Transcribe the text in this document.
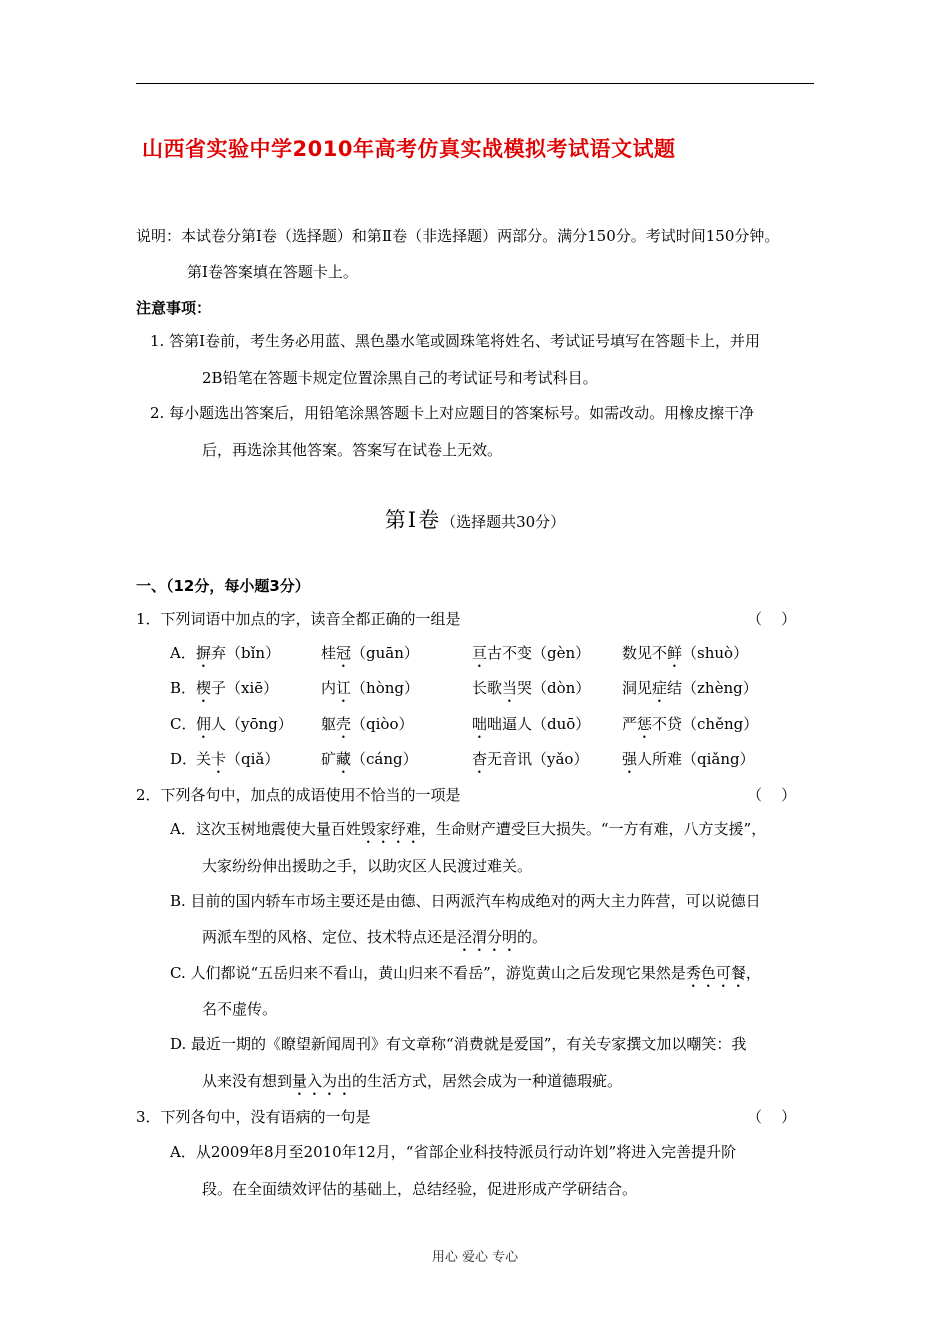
山西省实验中学2010年高考仿真实战模拟考试语文试题
说明：本试卷分第Ⅰ卷（选择题）和第Ⅱ卷（非选择题）两部分。满分150分。考试时间150分钟。
第Ⅰ卷答案填在答题卡上。
注意事项：
1. 答第Ⅰ卷前，考生务必用蓝、黑色墨水笔或圆珠笔将姓名、考试证号填写在答题卡上，并用
2B铅笔在答题卡规定位置涂黑自己的考试证号和考试科目。
2. 每小题选出答案后，用铅笔涂黑答题卡上对应题目的答案标号。如需改动。用橡皮擦干净
后，再选涂其他答案。答案写在试卷上无效。
第Ⅰ卷（选择题共30分）
一、（12分，每小题3分）
1．下列词语中加点的字，读音全都正确的一组是	（    ）
A． 摒弃（bǐn）	桂冠（guān）	亘古不变（gèn） 数见不鲜（shuò）
B． 楔子（xiē）	内讧（hòng）	长歌当哭（dòn） 洞见症结（zhèng）
C． 佣人（yōng） 躯壳（qiòo）	咄咄逼人（duō） 严惩不贷（chěng）
D．
关卡（qiǎ）	矿藏（cáng）	杳无音讯（yǎo） 强人所难（qiǎng）
2．下列各句中，加点的成语使用不恰当的一项是	（    ）
A．这次玉树地震使大量百姓毁家纾难，生命财产遭受巨大损失。“一方有难，八方支援”，
大家纷纷伸出援助之手，以助灾区人民渡过难关。
B. 目前的国内轿车市场主要还是由德、日两派汽车构成绝对的两大主力阵营，可以说德日
两派车型的风格、定位、技术特点还是泾渭分明的。
C. 人们都说“五岳归来不看山，黄山归来不看岳”，游览黄山之后发现它果然是秀色可餐，
名不虚传。
D. 最近一期的《瞭望新闻周刊》有文章称“消费就是爱国”，有关专家撰文加以嘲笑：我
从来没有想到量入为出的生活方式，居然会成为一种道德瑕疵。
3．下列各句中，没有语病的一句是	（    ）
A．从2009年8月至2010年12月，“省部企业科技特派员行动许划”将进入完善提升阶
段。在全面绩效评估的基础上，总结经验，促进形成产学研结合。
用心 爱心 专心
